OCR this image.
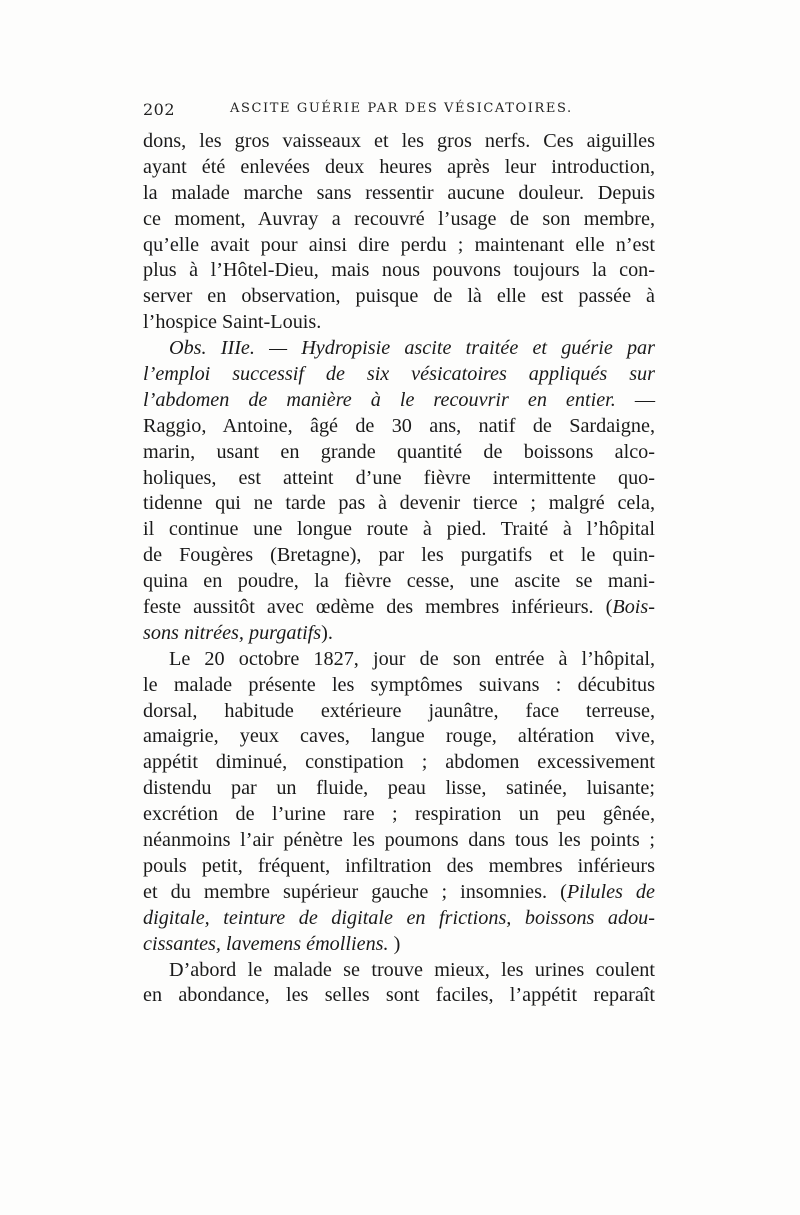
202	ASCITE GUÉRIE PAR DES VÉSICATOIRES.
dons, les gros vaisseaux et les gros nerfs. Ces aiguilles
ayant été enlevées deux heures après leur introduction,
la malade marche sans ressentir aucune douleur. Depuis
ce moment, Auvray a recouvré l’usage de son membre,
qu’elle avait pour ainsi dire perdu ; maintenant elle n’est
plus à l’Hôtel-Dieu, mais nous pouvons toujours la con-
server en observation, puisque de là elle est passée à
l’hospice Saint-Louis.
Obs. IIIe. — Hydropisie ascite traitée et guérie par
l’emploi successif de six vésicatoires appliqués sur
l’abdomen de manière à le recouvrir en entier. —
Raggio, Antoine, âgé de 30 ans, natif de Sardaigne,
marin, usant en grande quantité de boissons alco-
holiques, est atteint d’une fièvre intermittente quo-
tidenne qui ne tarde pas à devenir tierce ; malgré cela,
il continue une longue route à pied. Traité à l’hôpital
de Fougères (Bretagne), par les purgatifs et le quin-
quina en poudre, la fièvre cesse, une ascite se mani-
feste aussitôt avec œdème des membres inférieurs. (Bois-
sons nitrées, purgatifs).
Le 20 octobre 1827, jour de son entrée à l’hôpital,
le malade présente les symptômes suivans : décubitus
dorsal, habitude extérieure jaunâtre, face terreuse,
amaigrie, yeux caves, langue rouge, altération vive,
appétit diminué, constipation ; abdomen excessivement
distendu par un fluide, peau lisse, satinée, luisante;
excrétion de l’urine rare ; respiration un peu gênée,
néanmoins l’air pénètre les poumons dans tous les points ;
pouls petit, fréquent, infiltration des membres inférieurs
et du membre supérieur gauche ; insomnies. (Pilules de
digitale, teinture de digitale en frictions, boissons adou-
cissantes, lavemens émolliens. )
D’abord le malade se trouve mieux, les urines coulent
en abondance, les selles sont faciles, l’appétit reparaît
